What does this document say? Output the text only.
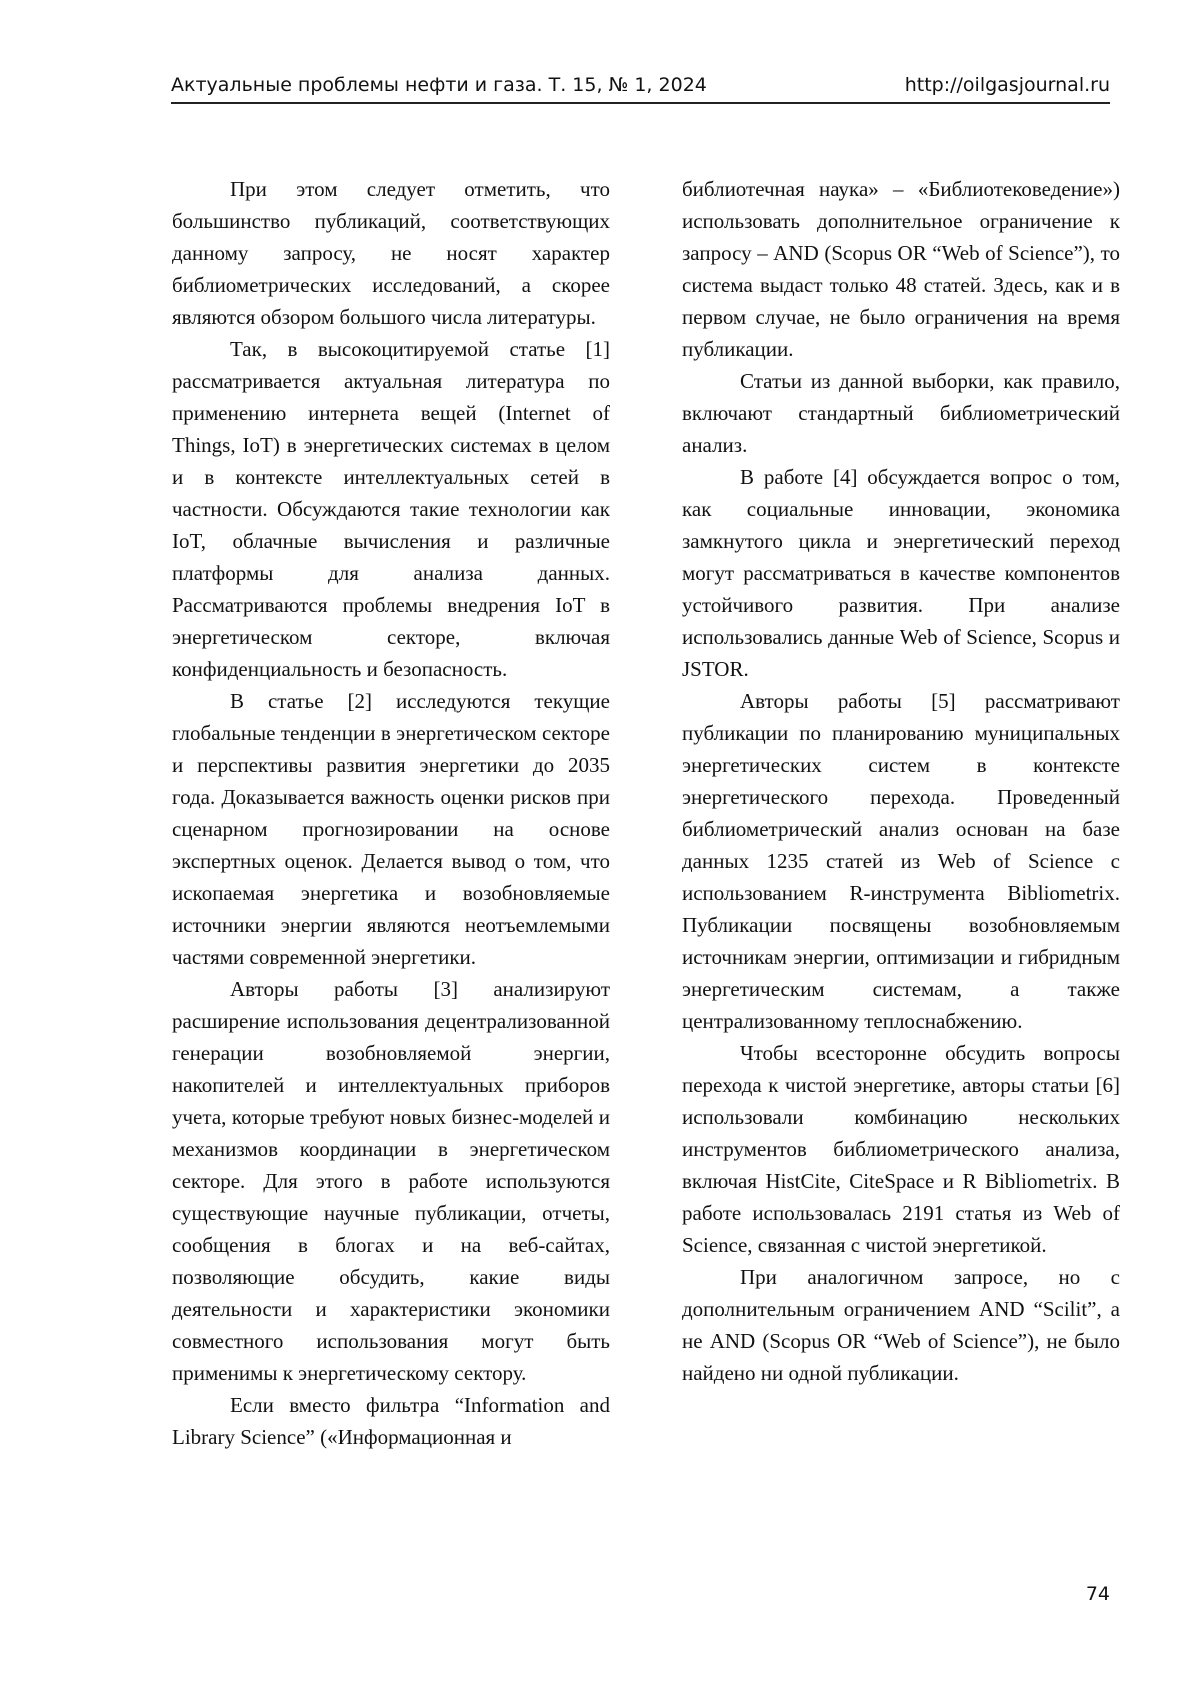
Актуальные проблемы нефти и газа. Т. 15, № 1, 2024	http://oilgasjournal.ru

При этом следует отметить, что большинство публикаций, соответствующих данному запросу, не носят характер библиометрических исследований, а скорее являются обзором большого числа литературы.

Так, в высокоцитируемой статье [1] рассматривается актуальная литература по применению интернета вещей (Internet of Things, IoT) в энергетических системах в целом и в контексте интеллектуальных сетей в частности. Обсуждаются такие технологии как IoT, облачные вычисления и различные платформы для анализа данных. Рассматриваются проблемы внедрения IoT в энергетическом секторе, включая конфиденциальность и безопасность.

В статье [2] исследуются текущие глобальные тенденции в энергетическом секторе и перспективы развития энергетики до 2035 года. Доказывается важность оценки рисков при сценарном прогнозировании на основе экспертных оценок. Делается вывод о том, что ископаемая энергетика и возобновляемые источники энергии являются неотъемлемыми частями современной энергетики.

Авторы работы [3] анализируют расширение использования децентрализованной генерации возобновляемой энергии, накопителей и интеллектуальных приборов учета, которые требуют новых бизнес-моделей и механизмов координации в энергетическом секторе. Для этого в работе используются существующие научные публикации, отчеты, сообщения в блогах и на веб-сайтах, позволяющие обсудить, какие виды деятельности и характеристики экономики совместного использования могут быть применимы к энергетическому сектору.

Если вместо фильтра “Information and Library Science” («Информационная и

библиотечная наука» – «Библиотековедение») использовать дополнительное ограничение к запросу – AND (Scopus OR “Web of Science”), то система выдаст только 48 статей. Здесь, как и в первом случае, не было ограничения на время публикации.

Статьи из данной выборки, как правило, включают стандартный библиометрический анализ.

В работе [4] обсуждается вопрос о том, как социальные инновации, экономика замкнутого цикла и энергетический переход могут рассматриваться в качестве компонентов устойчивого развития. При анализе использовались данные Web of Science, Scopus и JSTOR.

Авторы работы [5] рассматривают публикации по планированию муниципальных энергетических систем в контексте энергетического перехода. Проведенный библиометрический анализ основан на базе данных 1235 статей из Web of Science с использованием R-инструмента Bibliometrix. Публикации посвящены возобновляемым источникам энергии, оптимизации и гибридным энергетическим системам, а также централизованному теплоснабжению.

Чтобы всесторонне обсудить вопросы перехода к чистой энергетике, авторы статьи [6] использовали комбинацию нескольких инструментов библиометрического анализа, включая HistCite, CiteSpace и R Bibliometrix. В работе использовалась 2191 статья из Web of Science, связанная с чистой энергетикой.

При аналогичном запросе, но с дополнительным ограничением AND “Scilit”, а не AND (Scopus OR “Web of Science”), не было найдено ни одной публикации.

74
